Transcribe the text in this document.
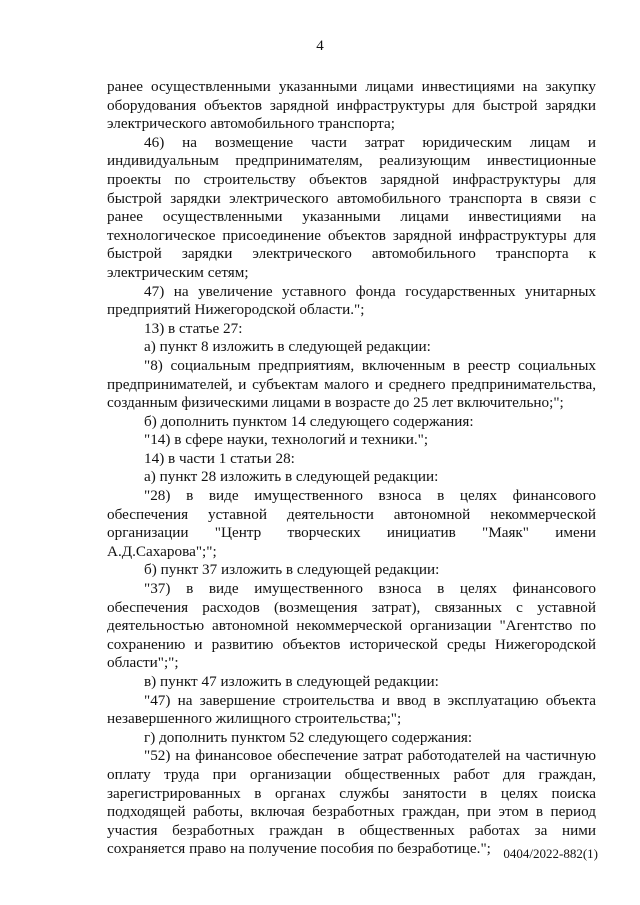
4

ранее осуществленными указанными лицами инвестициями на закупку оборудования объектов зарядной инфраструктуры для быстрой зарядки электрического автомобильного транспорта;

46) на возмещение части затрат юридическим лицам и индивидуальным предпринимателям, реализующим инвестиционные проекты по строительству объектов зарядной инфраструктуры для быстрой зарядки электрического автомобильного транспорта в связи с ранее осуществленными указанными лицами инвестициями на технологическое присоединение объектов зарядной инфраструктуры для быстрой зарядки электрического автомобильного транспорта к электрическим сетям;

47) на увеличение уставного фонда государственных унитарных предприятий Нижегородской области.";

13) в статье 27:

а) пункт 8 изложить в следующей редакции:

"8) социальным предприятиям, включенным в реестр социальных предпринимателей, и субъектам малого и среднего предпринимательства, созданным физическими лицами в возрасте до 25 лет включительно;";

б) дополнить пунктом 14 следующего содержания:

"14) в сфере науки, технологий и техники.";

14) в части 1 статьи 28:

а) пункт 28 изложить в следующей редакции:

"28) в виде имущественного взноса в целях финансового обеспечения уставной деятельности автономной некоммерческой организации "Центр творческих инициатив "Маяк" имени А.Д.Сахарова";";

б) пункт 37 изложить в следующей редакции:

"37) в виде имущественного взноса в целях финансового обеспечения расходов (возмещения затрат), связанных с уставной деятельностью автономной некоммерческой организации "Агентство по сохранению и развитию объектов исторической среды Нижегородской области";";

в) пункт 47 изложить в следующей редакции:

"47) на завершение строительства и ввод в эксплуатацию объекта незавершенного жилищного строительства;";

г) дополнить пунктом 52 следующего содержания:

"52) на финансовое обеспечение затрат работодателей на частичную оплату труда при организации общественных работ для граждан, зарегистрированных в органах службы занятости в целях поиска подходящей работы, включая безработных граждан, при этом в период участия безработных граждан в общественных работах за ними сохраняется право на получение пособия по безработице."; 0404/2022-882(1)
